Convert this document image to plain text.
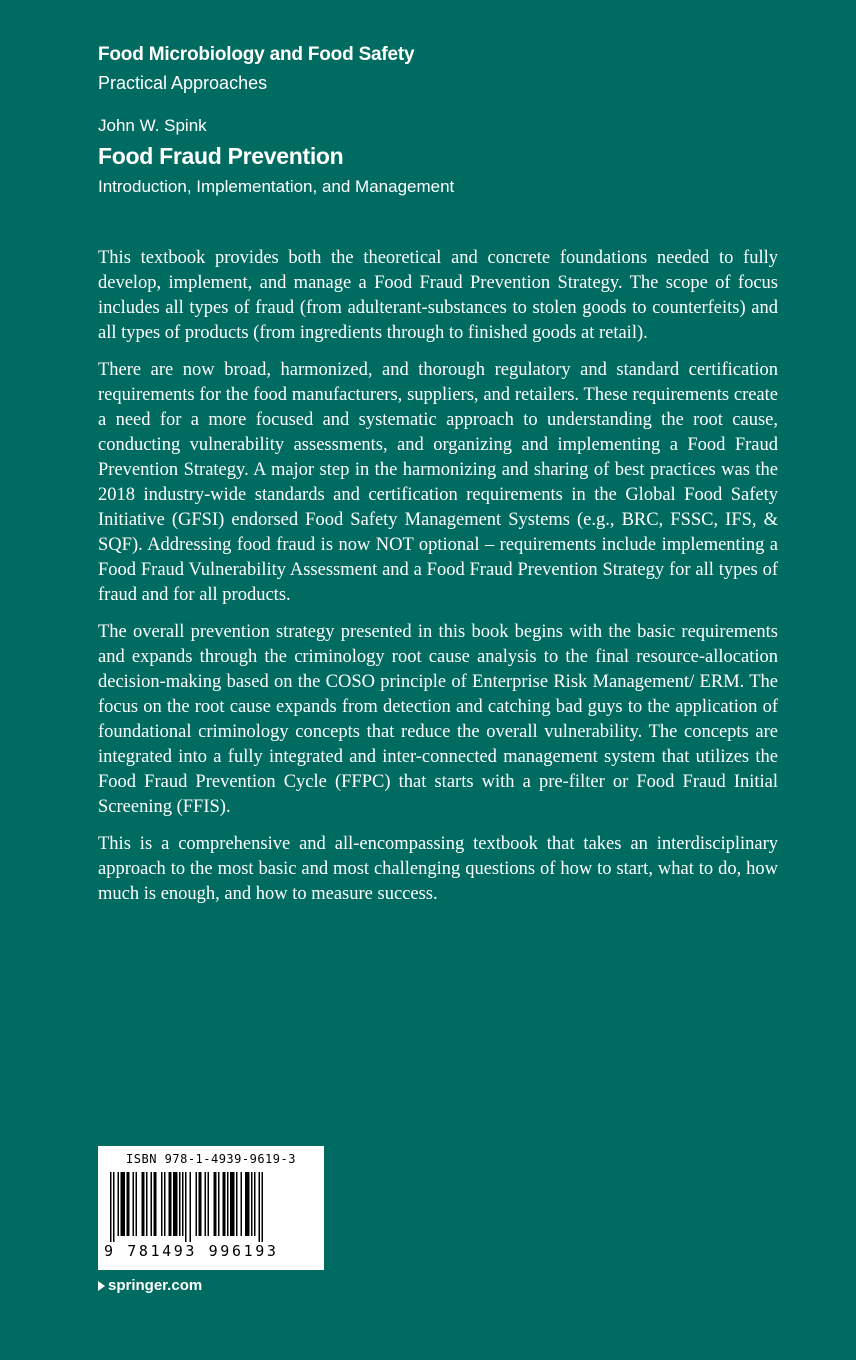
Food Microbiology and Food Safety
Practical Approaches
John W. Spink
Food Fraud Prevention
Introduction, Implementation, and Management

This textbook provides both the theoretical and concrete foundations needed to fully develop, implement, and manage a Food Fraud Prevention Strategy. The scope of focus includes all types of fraud (from adulterant-substances to stolen goods to counterfeits) and all types of products (from ingredients through to finished goods at retail).

There are now broad, harmonized, and thorough regulatory and standard certification requirements for the food manufacturers, suppliers, and retailers. These requirements create a need for a more focused and systematic approach to understanding the root cause, conducting vulnerability assessments, and organizing and implementing a Food Fraud Prevention Strategy. A major step in the harmonizing and sharing of best practices was the 2018 industry-wide standards and certification requirements in the Global Food Safety Initiative (GFSI) endorsed Food Safety Management Systems (e.g., BRC, FSSC, IFS, & SQF). Addressing food fraud is now NOT optional – requirements include implementing a Food Fraud Vulnerability Assessment and a Food Fraud Prevention Strategy for all types of fraud and for all products.

The overall prevention strategy presented in this book begins with the basic requirements and expands through the criminology root cause analysis to the final resource-allocation decision-making based on the COSO principle of Enterprise Risk Management/ ERM. The focus on the root cause expands from detection and catching bad guys to the application of foundational criminology concepts that reduce the overall vulnerability. The concepts are integrated into a fully integrated and inter-connected management system that utilizes the Food Fraud Prevention Cycle (FFPC) that starts with a pre-filter or Food Fraud Initial Screening (FFIS).

This is a comprehensive and all-encompassing textbook that takes an interdisciplinary approach to the most basic and most challenging questions of how to start, what to do, how much is enough, and how to measure success.

ISBN 978-1-4939-9619-3
9 781493 996193
springer.com
